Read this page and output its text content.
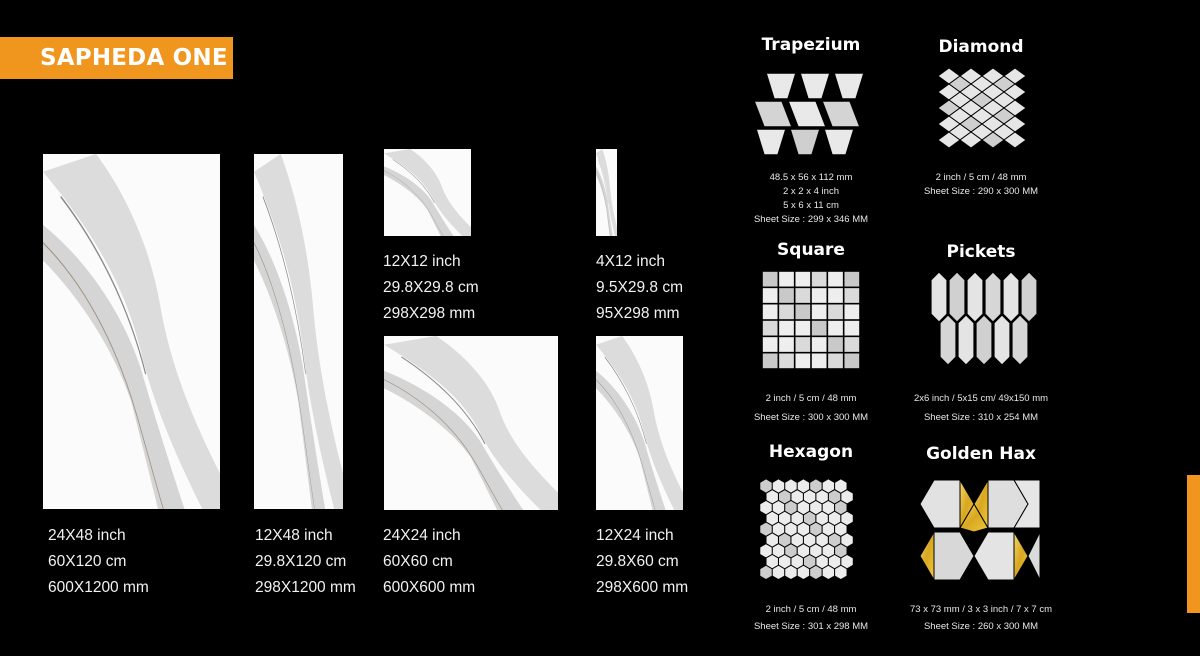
SAPHEDA ONE
24X48 inch
60X120 cm
600X1200 mm
12X48 inch
29.8X120 cm
298X1200 mm
12X12 inch
29.8X29.8 cm
298X298 mm
4X12 inch
9.5X29.8 cm
95X298 mm
24X24 inch
60X60 cm
600X600 mm
12X24 inch
29.8X60 cm
298X600 mm
Trapezium
48.5 x 56 x 112 mm
2 x 2 x 4 inch
5 x 6 x 11 cm
Sheet Size : 299 x 346 MM
Diamond
2 inch / 5 cm / 48 mm
Sheet Size : 290 x 300 MM
Square
2 inch / 5 cm / 48 mm
Sheet Size : 300 x 300 MM
Pickets
2x6 inch / 5x15 cm/ 49x150 mm
Sheet Size : 310 x 254 MM
Hexagon
2 inch / 5 cm / 48 mm
Sheet Size : 301 x 298 MM
Golden Hax
73 x 73 mm / 3 x 3 inch / 7 x 7 cm
Sheet Size : 260 x 300 MM
